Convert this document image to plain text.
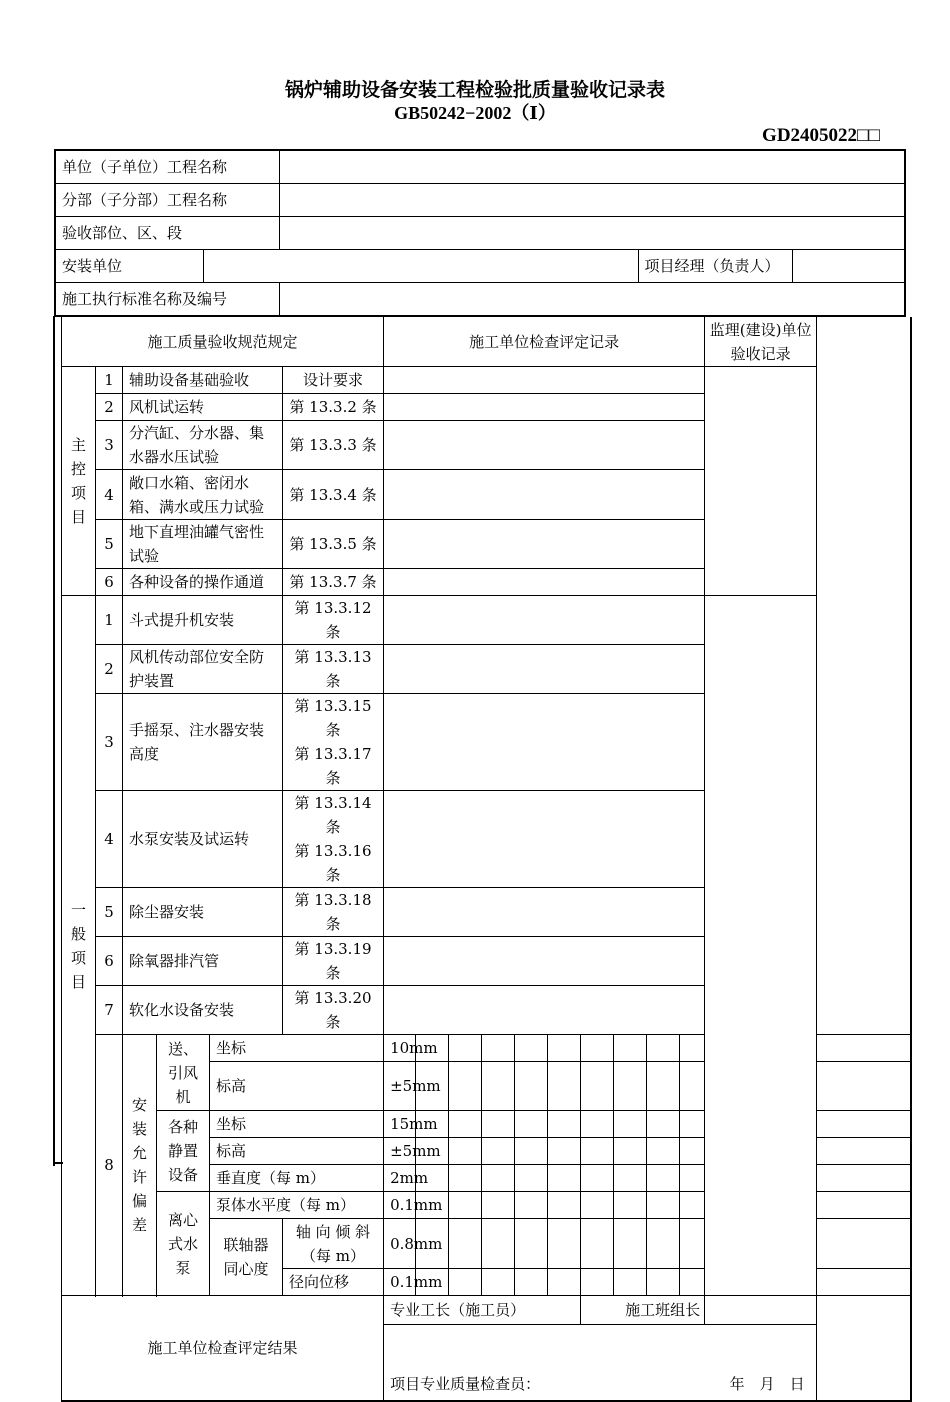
锅炉辅助设备安装工程检验批质量验收记录表
GB50242−2002（Ⅰ）
GD2405022□□
单位（子单位）工程名称				
分部（子分部）工程名称				
验收部位、区、段				
安装单位			项目经理（负责人）	
施工执行标准名称及编号				
施工质量验收规范规定						施工单位检查评定记录										监理(建设)单位验收记录	
主控项目	1	辅助设备基础验收			设计要求												
	2	风机试运转			第 13.3.2 条												
	3	分汽缸、分水器、集水器水压试验			第 13.3.3 条												
	4	敞口水箱、密闭水箱、满水或压力试验			第 13.3.4 条												
	5	地下直埋油罐气密性试验			第 13.3.5 条												
	6	各种设备的操作通道			第 13.3.7 条												

一般项目	1	斗式提升机安装			第 13.3.12 条												
	2	风机传动部位安全防护装置			第 13.3.13 条												
	3	手摇泵、注水器安装高度			第 13.3.15 条
第 13.3.17 条												

	4	水泵安装及试运转			第 13.3.14 条
第 13.3.16 条												

	5	除尘器安装			第 13.3.18 条												
	6	除氧器排汽管			第 13.3.19 条												
	7	软化水设备安装			第 13.3.20 条												
	8	安装允许偏差	送、引风机	坐标		10mm											
				标高		±5mm											
			各种静置设备	坐标		15mm											
				标高		±5mm											
				垂直度（每 m）		2mm											
			离心式水泵	泵体水平度（每 m）		0.1mm											
				联轴器同心度	轴 向 倾 斜（每 m）	0.8mm											
					径向位移	0.1mm											

施工单位检查评定结果						专业工长（施工员）						施工班组长					
						项目专业质量检查员： 年　月　日											
